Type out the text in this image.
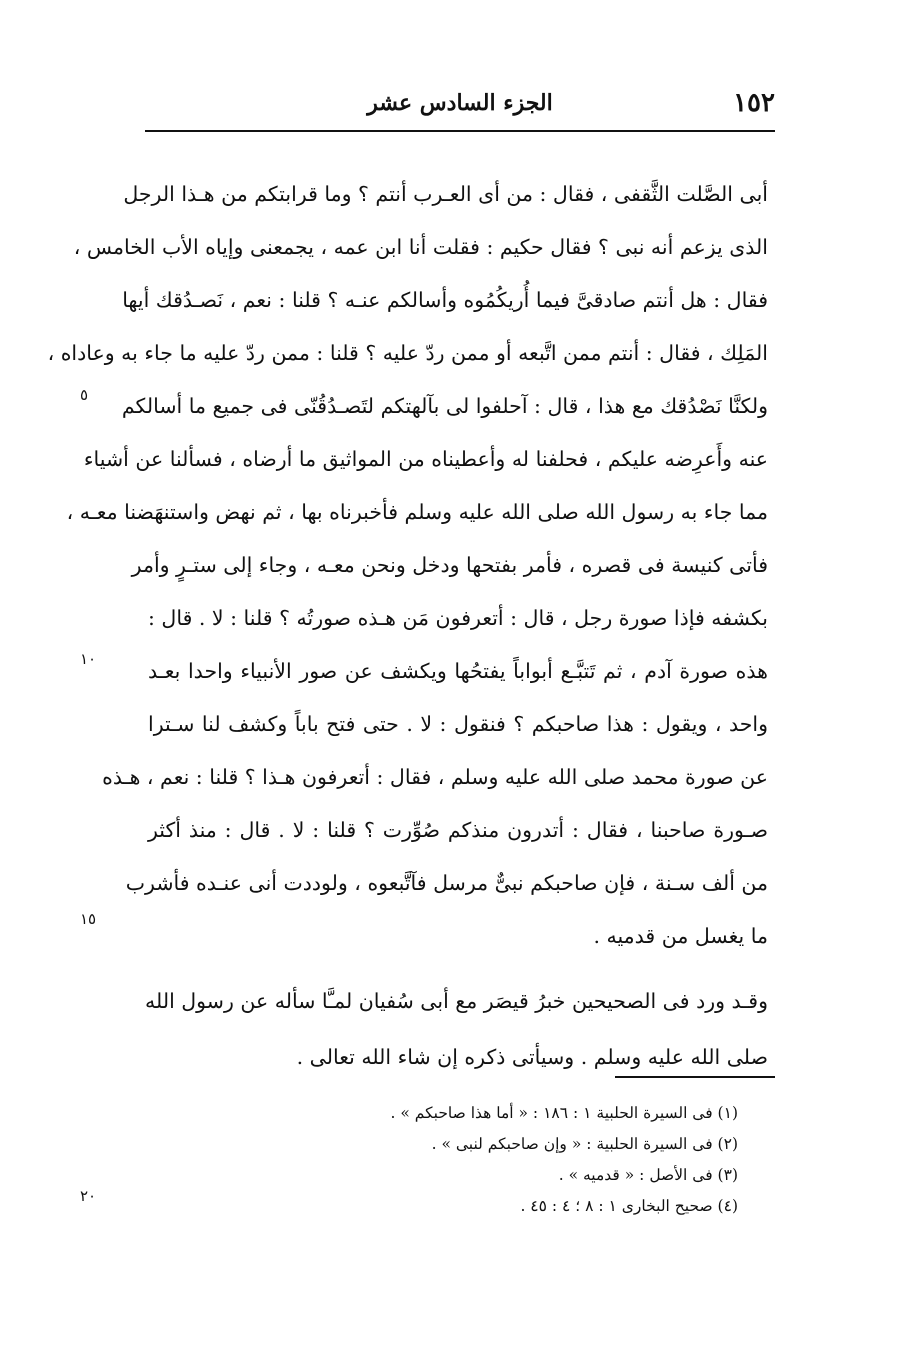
١٥٢
الجزء السادس عشر
أبى الصَّلت الثَّقفى ، فقال : من أى العـرب أنتم ؟ وما قرابتكم من هـذا الرجل
الذى يزعم أنه نبى ؟ فقال حكيم : فقلت أنا ابن عمه ، يجمعنى وإياه الأب الخامس ،
فقال : هل أنتم صادقىَّ فيما أُريكُمُوه وأسالكم عنـه ؟ قلنا : نعم ، نَصـدُقك أيها
المَلِك ، فقال : أنتم ممن اتَّبعه أو ممن ردّ عليه ؟ قلنا : ممن ردّ عليه ما جاء به وعاداه ،
ولكنَّا نَصْدُقك مع هذا ، قال : آحلفوا لى بآلهتكم لتَصـدُقُنّى فى جميع ما أسالكم
عنه وأَعرِضه عليكم ، فحلفنا له وأعطيناه من المواثيق ما أرضاه ، فسألنا عن أشياء
مما جاء به رسول الله صلى الله عليه وسلم فأخبرناه بها ، ثم نهض واستنهَضنا معـه ،
فأتى كنيسة فى قصره ، فأمر بفتحها ودخل ونحن معـه ، وجاء إلى ستـرٍ وأمر
بكشفه فإذا صورة رجل ، قال : أتعرفون مَن هـذه صورتُه ؟ قلنا : لا . قال :
هذه صورة آدم ، ثم تَتبَّـع أبواباً يفتحُها ويكشف عن صور الأنبياء واحدا بعـد
واحد ، ويقول : هذا صاحبكم ؟ فنقول : لا . حتى فتح باباً وكشف لنا سـترا
عن صورة محمد صلى الله عليه وسلم ، فقال : أتعرفون هـذا ؟ قلنا : نعم ، هـذه
صـورة صاحبنا ، فقال : أتدرون منذكم صُوِّرت ؟ قلنا : لا . قال : منذ أكثر
من ألف سـنة ، فإن صاحبكم نبىٌّ مرسل فآتَّبعوه ، ولوددت أنى عنـده فأشرب
ما يغسل من قدميه .
وقـد ورد فى الصحيحين خبرُ قيصَر مع أبى سُفيان لمـَّا سأله عن رسول الله
صلى الله عليه وسلم . وسيأتى ذكره إن شاء الله تعالى .
٥
١٠
١٥
٢٠
(١) فى السيرة الحلبية ١ : ١٨٦ : « أما هذا صاحبكم » .
(٢) فى السيرة الحلبية : « وإن صاحبكم لنبى » .
(٣) فى الأصل : « قدميه » .
(٤) صحيح البخارى ١ : ٨ ؛ ٤ : ٤٥ .
